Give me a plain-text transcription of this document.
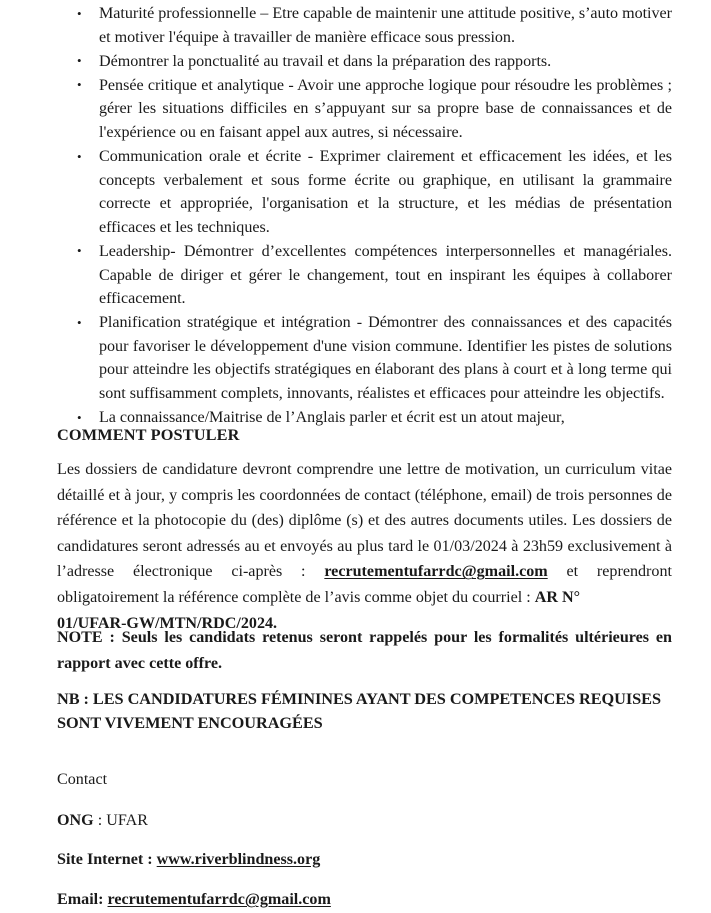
• Maturité professionnelle – Etre capable de maintenir une attitude positive, s’auto motiver et motiver l'équipe à travailler de manière efficace sous pression.
• Démontrer la ponctualité au travail et dans la préparation des rapports.
• Pensée critique et analytique - Avoir une approche logique pour résoudre les problèmes ; gérer les situations difficiles en s’appuyant sur sa propre base de connaissances et de l'expérience ou en faisant appel aux autres, si nécessaire.
• Communication orale et écrite - Exprimer clairement et efficacement les idées, et les concepts verbalement et sous forme écrite ou graphique, en utilisant la grammaire correcte et appropriée, l'organisation et la structure, et les médias de présentation efficaces et les techniques.
• Leadership- Démontrer d’excellentes compétences interpersonnelles et managériales. Capable de diriger et gérer le changement, tout en inspirant les équipes à collaborer efficacement.
• Planification stratégique et intégration - Démontrer des connaissances et des capacités pour favoriser le développement d'une vision commune. Identifier les pistes de solutions pour atteindre les objectifs stratégiques en élaborant des plans à court et à long terme qui sont suffisamment complets, innovants, réalistes et efficaces pour atteindre les objectifs.
• La connaissance/Maitrise de l’Anglais parler et écrit est un atout majeur,
COMMENT POSTULER
Les dossiers de candidature devront comprendre une lettre de motivation, un curriculum vitae détaillé et à jour, y compris les coordonnées de contact (téléphone, email) de trois personnes de référence et la photocopie du (des) diplôme (s) et des autres documents utiles. Les dossiers de candidatures seront adressés au et envoyés au plus tard le 01/03/2024 à 23h59 exclusivement à l’adresse électronique ci-après : recrutementufarrdc@gmail.com et reprendront obligatoirement la référence complète de l’avis comme objet du courriel : AR N°
01/UFAR-GW/MTN/RDC/2024.
NOTE : Seuls les candidats retenus seront rappelés pour les formalités ultérieures en rapport avec cette offre.
NB : LES CANDIDATURES FÉMININES AYANT DES COMPETENCES REQUISES
SONT VIVEMENT ENCOURAGÉES
Contact
ONG : UFAR
Site Internet : www.riverblindness.org
Email: recrutementufarrdc@gmail.com
